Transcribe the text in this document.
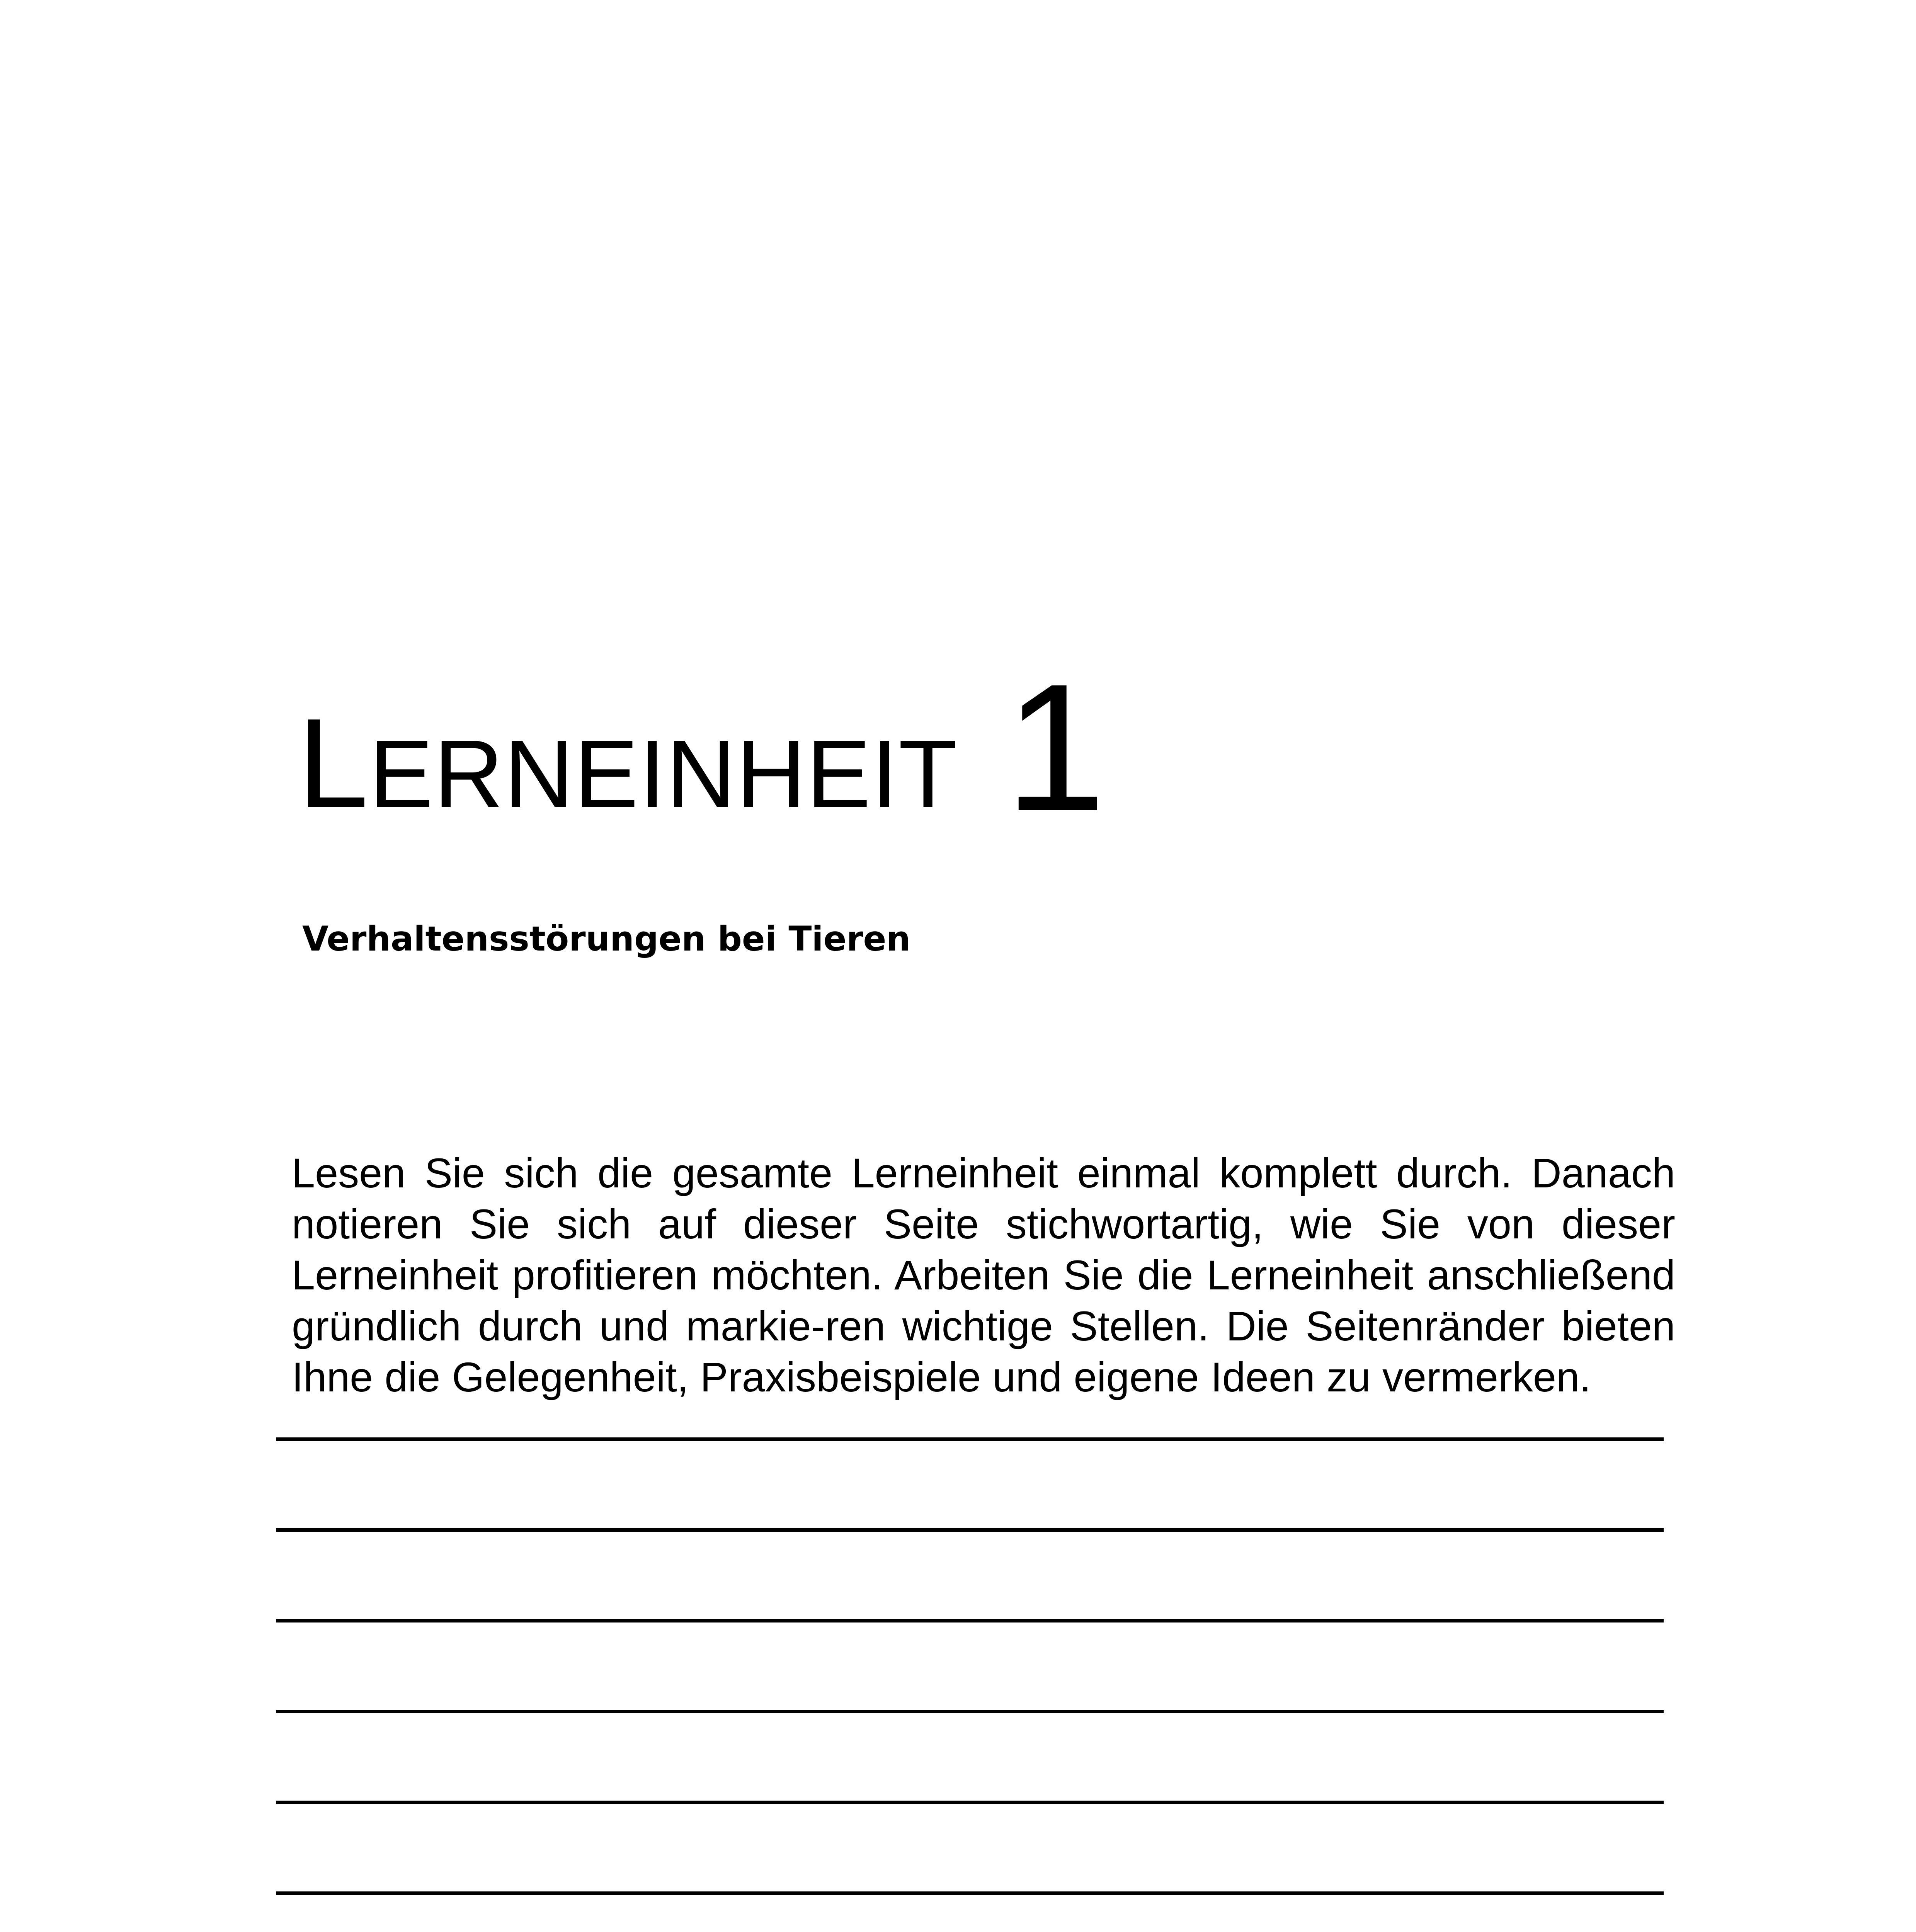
LERNEINHEIT 1
Verhaltensstörungen bei Tieren
Lesen Sie sich die gesamte Lerneinheit einmal komplett durch. Danach notieren Sie sich auf dieser Seite stichwortartig, wie Sie von dieser Lerneinheit profitieren möchten. Arbeiten Sie die Lerneinheit anschließend gründlich durch und markie-ren wichtige Stellen. Die Seitenränder bieten Ihne die Gelegenheit, Praxisbeispiele und eigene Ideen zu vermerken.
